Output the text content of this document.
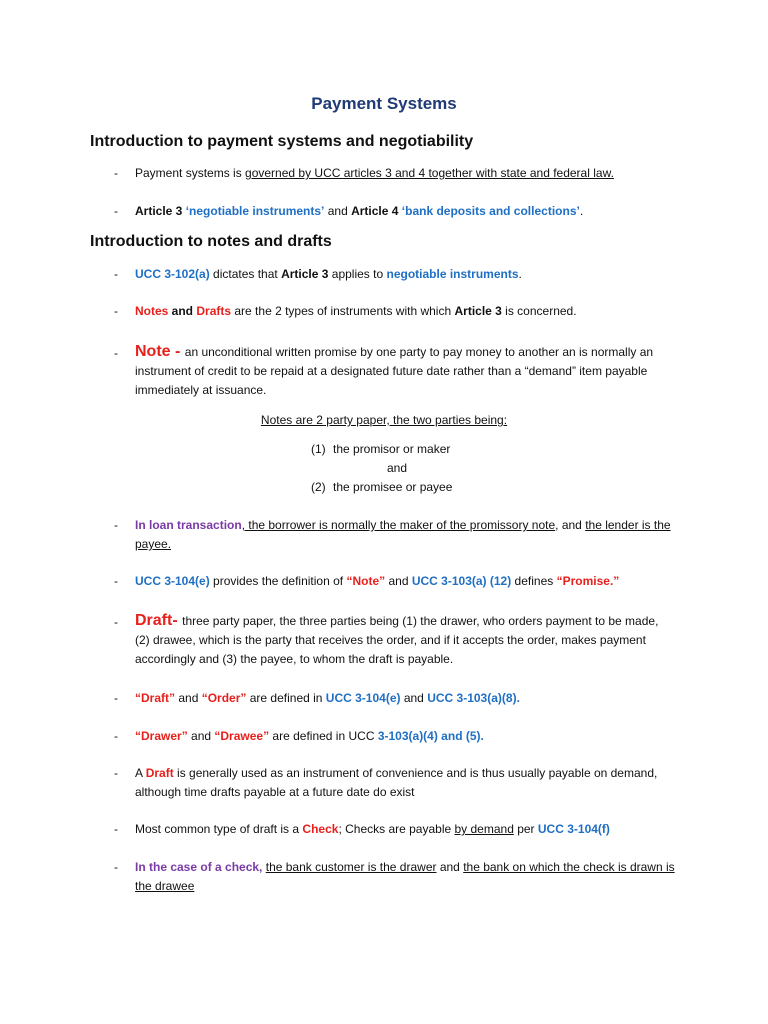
Payment Systems
Introduction to payment systems and negotiability
- Payment systems is governed by UCC articles 3 and 4 together with state and federal law.
- Article 3 ‘negotiable instruments’ and Article 4 ‘bank deposits and collections’.
Introduction to notes and drafts
- UCC 3-102(a) dictates that Article 3 applies to negotiable instruments.
- Notes and Drafts are the 2 types of instruments with which Article 3 is concerned.
- Note - an unconditional written promise by one party to pay money to another an is normally an instrument of credit to be repaid at a designated future date rather than a “demand” item payable immediately at issuance.
Notes are 2 party paper, the two parties being:
(1) the promisor or maker
and
(2) the promisee or payee
- In loan transaction, the borrower is normally the maker of the promissory note, and the lender is the payee.
- UCC 3-104(e) provides the definition of “Note” and UCC 3-103(a) (12) defines “Promise.”
- Draft- three party paper, the three parties being (1) the drawer, who orders payment to be made, (2) drawee, which is the party that receives the order, and if it accepts the order, makes payment accordingly and (3) the payee, to whom the draft is payable.
- “Draft” and “Order” are defined in UCC 3-104(e) and UCC 3-103(a)(8).
- “Drawer” and “Drawee” are defined in UCC 3-103(a)(4) and (5).
- A Draft is generally used as an instrument of convenience and is thus usually payable on demand, although time drafts payable at a future date do exist
- Most common type of draft is a Check; Checks are payable by demand per UCC 3-104(f)
- In the case of a check, the bank customer is the drawer and the bank on which the check is drawn is the drawee
